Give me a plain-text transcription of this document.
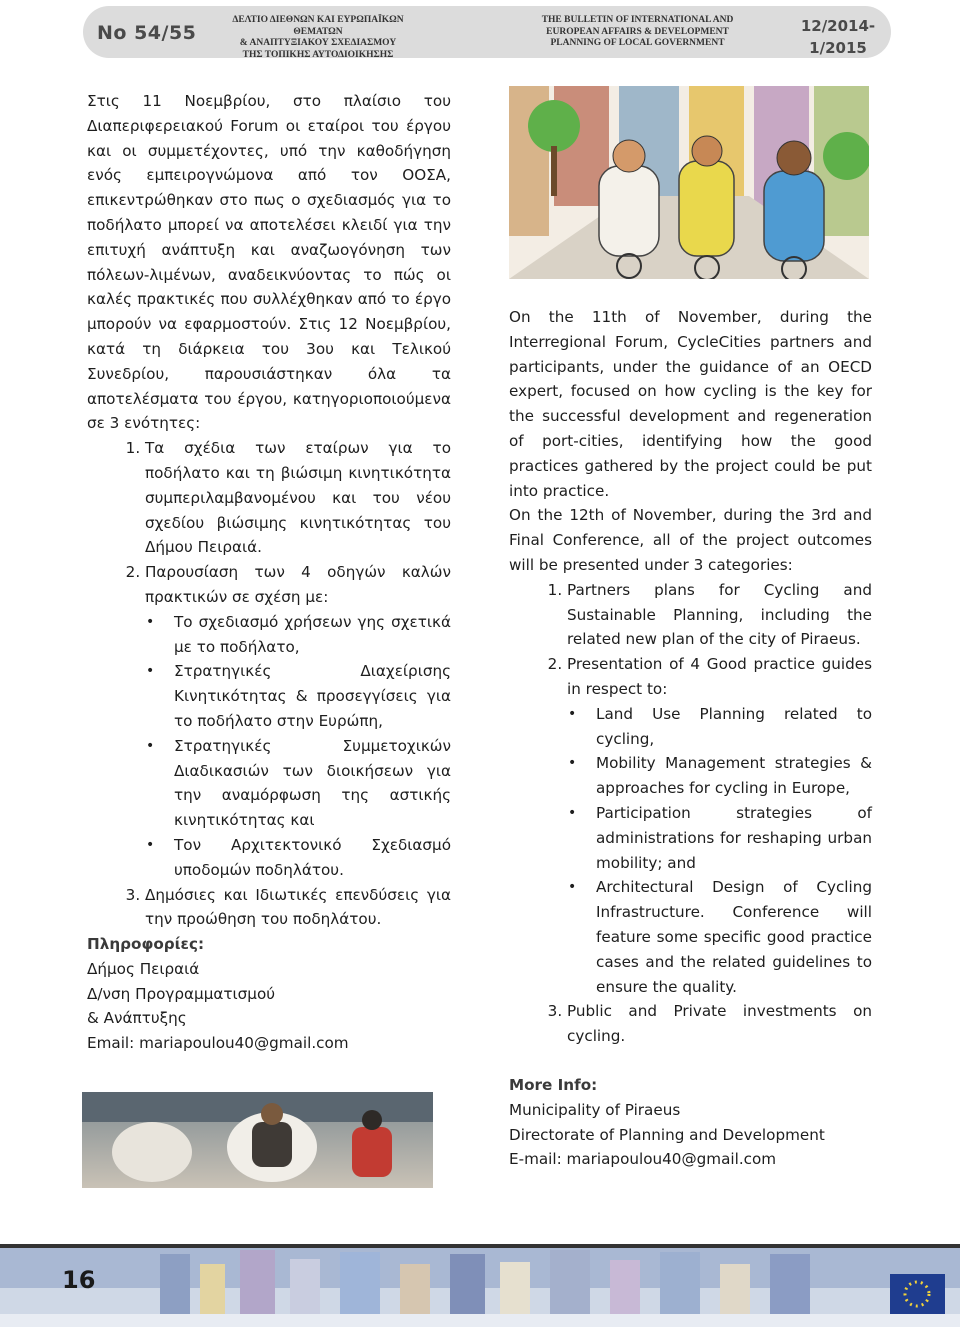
No 54/55
ΔΕΛΤΙΟ ΔΙΕΘΝΩΝ ΚΑΙ ΕΥΡΩΠΑΪΚΩΝ ΘΕΜΑΤΩΝ
& ΑΝΑΠΤΥΞΙΑΚΟΥ ΣΧΕΔΙΑΣΜΟΥ
ΤΗΣ ΤΟΠΙΚΗΣ ΑΥΤΟΔΙΟΙΚΗΣΗΣ
THE BULLETIN OF INTERNATIONAL AND
EUROPEAN AFFAIRS & DEVELOPMENT
PLANNING OF LOCAL GOVERNMENT
12/2014-
1/2015

Στις 11 Νοεμβρίου, στο πλαίσιο του Διαπεριφερειακού Forum οι εταίροι του έργου και οι συμμετέχοντες, υπό την καθοδήγηση ενός εμπειρογνώμονα από τον ΟΟΣΑ, επικεντρώθηκαν στο πως ο σχεδιασμός για το ποδήλατο μπορεί να αποτελέσει κλειδί για την επιτυχή ανάπτυξη και αναζωογόνηση των πόλεων-λιμένων, αναδεικνύοντας το πώς οι καλές πρακτικές που συλλέχθηκαν από το έργο μπορούν να εφαρμοστούν. Στις 12 Νοεμβρίου, κατά τη διάρκεια του 3ου και Τελικού Συνεδρίου, παρουσιάστηκαν όλα τα αποτελέσματα του έργου, κατηγοριοποιούμενα σε 3 ενότητες:

1. Τα σχέδια των εταίρων για το ποδήλατο και τη βιώσιμη κινητικότητα συμπεριλαμβανομένου και του νέου σχεδίου βιώσιμης κινητικότητας του Δήμου Πειραιά.
2. Παρουσίαση των 4 οδηγών καλών πρακτικών σε σχέση με:
• Το σχεδιασμό χρήσεων γης σχετικά με το ποδήλατο,
• Στρατηγικές Διαχείρισης Κινητικότητας & προσεγγίσεις για το ποδήλατο στην Ευρώπη,
• Στρατηγικές Συμμετοχικών Διαδικασιών των διοικήσεων για την αναμόρφωση της αστικής κινητικότητας και
• Τον Αρχιτεκτονικό Σχεδιασμό υποδομών ποδηλάτου.
3. Δημόσιες και Ιδιωτικές επενδύσεις για την προώθηση του ποδηλάτου.

Πληροφορίες:

Δήμος Πειραιά
Δ/νση Προγραμματισμού
& Ανάπτυξης
Email: mariapoulou40@gmail.com

On the 11th of November, during the Interregional Forum, CycleCities partners and participants, under the guidance of an OECD expert, focused on how cycling is the key for the successful development and regeneration of port-cities, identifying how the good practices gathered by the project could be put into practice.

On the 12th of November, during the 3rd and Final Conference, all of the project outcomes will be presented under 3 categories:

1. Partners plans for Cycling and Sustainable Planning, including the related new plan of the city of Piraeus.
2. Presentation of 4 Good practice guides in respect to:
• Land Use Planning related to cycling,
• Mobility Management strategies & approaches for cycling in Europe,
• Participation strategies of administrations for reshaping urban mobility; and
• Architectural Design of Cycling Infrastructure. Conference will feature some specific good practice cases and the related guidelines to ensure the quality.
3. Public and Private investments on cycling.

More Info:

Municipality of Piraeus
Directorate of Planning and Development
E-mail: mariapoulou40@gmail.com
16
